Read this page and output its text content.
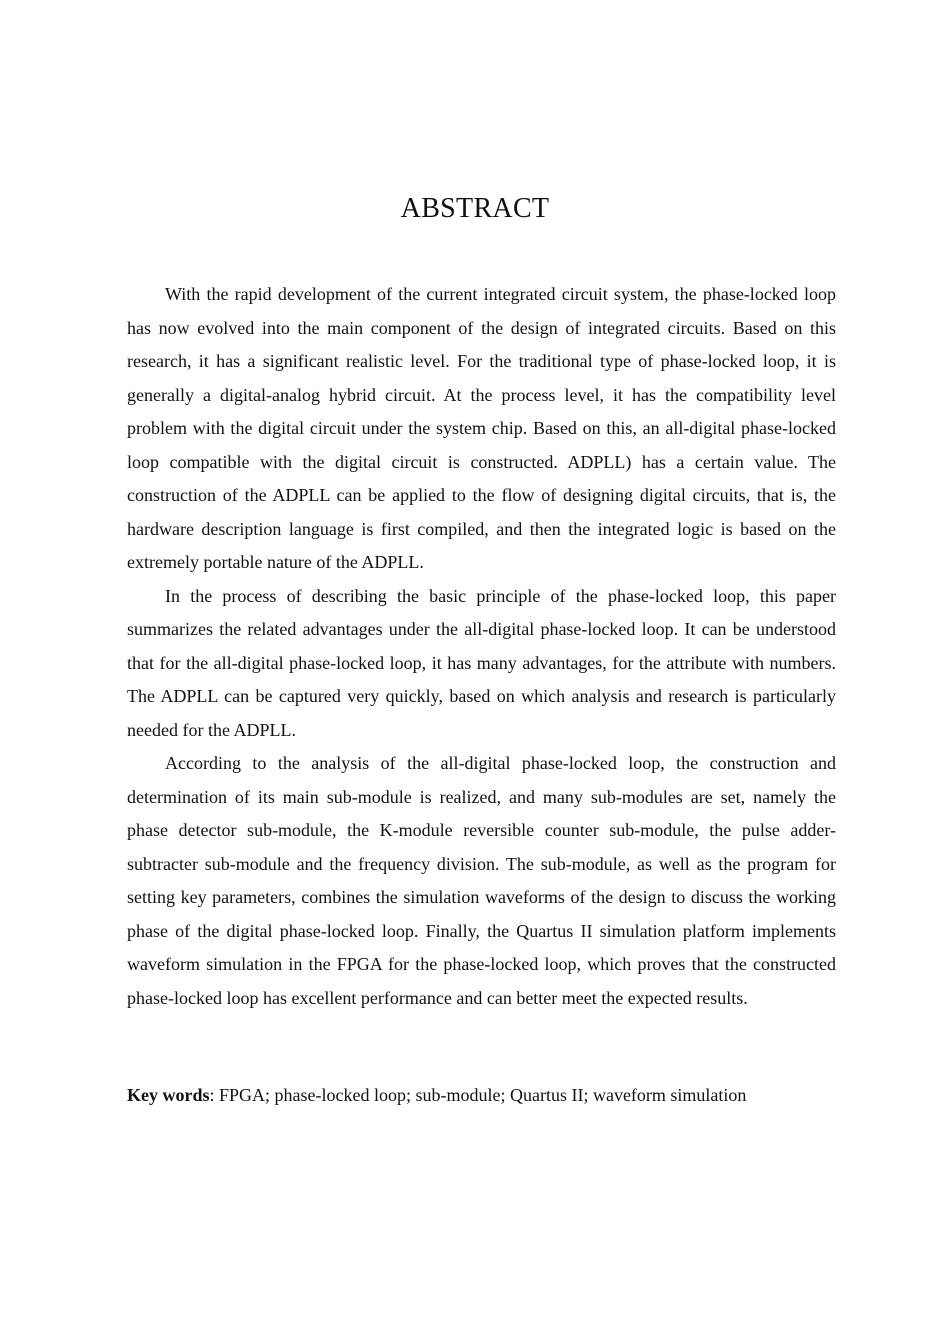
ABSTRACT

With the rapid development of the current integrated circuit system, the phase-locked loop has now evolved into the main component of the design of integrated circuits. Based on this research, it has a significant realistic level. For the traditional type of phase-locked loop, it is generally a digital-analog hybrid circuit. At the process level, it has the compatibility level problem with the digital circuit under the system chip. Based on this, an all-digital phase-locked loop compatible with the digital circuit is constructed. ADPLL) has a certain value. The construction of the ADPLL can be applied to the flow of designing digital circuits, that is, the hardware description language is first compiled, and then the integrated logic is based on the extremely portable nature of the ADPLL.

In the process of describing the basic principle of the phase-locked loop, this paper summarizes the related advantages under the all-digital phase-locked loop. It can be understood that for the all-digital phase-locked loop, it has many advantages, for the attribute with numbers. The ADPLL can be captured very quickly, based on which analysis and research is particularly needed for the ADPLL.

According to the analysis of the all-digital phase-locked loop, the construction and determination of its main sub-module is realized, and many sub-modules are set, namely the phase detector sub-module, the K-module reversible counter sub-module, the pulse adder-subtracter sub-module and the frequency division. The sub-module, as well as the program for setting key parameters, combines the simulation waveforms of the design to discuss the working phase of the digital phase-locked loop. Finally, the Quartus II simulation platform implements waveform simulation in the FPGA for the phase-locked loop, which proves that the constructed phase-locked loop has excellent performance and can better meet the expected results.

Key words: FPGA; phase-locked loop; sub-module; Quartus II; waveform simulation
